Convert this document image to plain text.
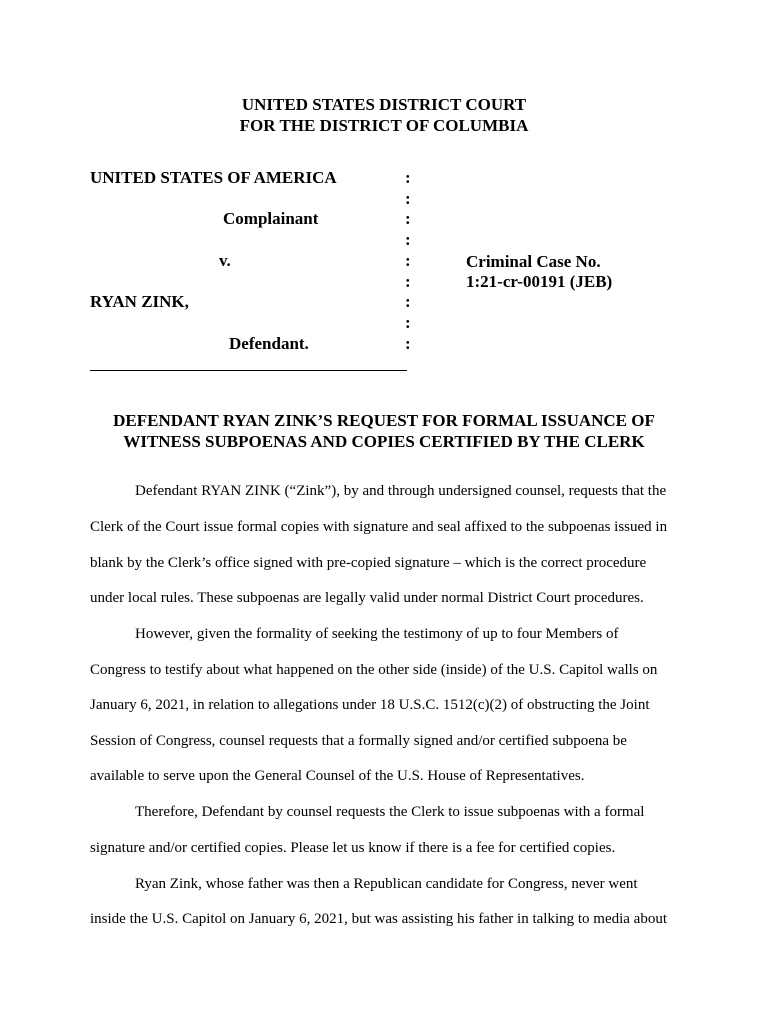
UNITED STATES DISTRICT COURT
FOR THE DISTRICT OF COLUMBIA
UNITED STATES OF AMERICA
Complainant
v.
RYAN ZINK,
Defendant.
:
:
:
:
:
:
:
:
:
Criminal Case No.
1:21-cr-00191 (JEB)
DEFENDANT RYAN ZINK’S REQUEST FOR FORMAL ISSUANCE OF
WITNESS SUBPOENAS AND COPIES CERTIFIED BY THE CLERK
Defendant RYAN ZINK (“Zink”), by and through undersigned counsel, requests that the
Clerk of the Court issue formal copies with signature and seal affixed to the subpoenas issued in
blank by the Clerk’s office signed with pre-copied signature – which is the correct procedure
under local rules. These subpoenas are legally valid under normal District Court procedures.
However, given the formality of seeking the testimony of up to four Members of
Congress to testify about what happened on the other side (inside) of the U.S. Capitol walls on
January 6, 2021, in relation to allegations under 18 U.S.C. 1512(c)(2) of obstructing the Joint
Session of Congress, counsel requests that a formally signed and/or certified subpoena be
available to serve upon the General Counsel of the U.S. House of Representatives.
Therefore, Defendant by counsel requests the Clerk to issue subpoenas with a formal
signature and/or certified copies. Please let us know if there is a fee for certified copies.
Ryan Zink, whose father was then a Republican candidate for Congress, never went
inside the U.S. Capitol on January 6, 2021, but was assisting his father in talking to media about
